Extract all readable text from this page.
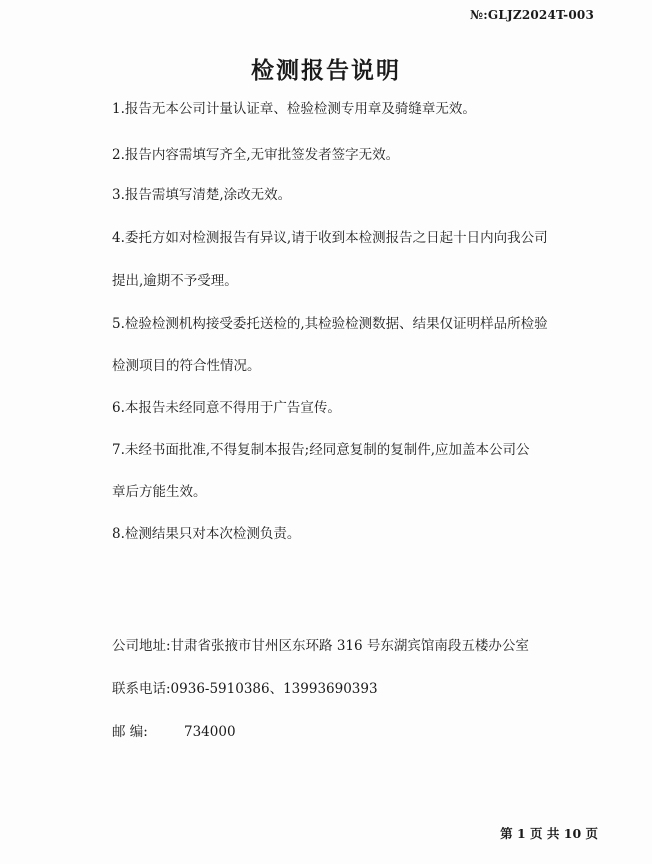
№:GLJZ2024T-003
检测报告说明
1.报告无本公司计量认证章、检验检测专用章及骑缝章无效。
2.报告内容需填写齐全,无审批签发者签字无效。
3.报告需填写清楚,涂改无效。
4.委托方如对检测报告有异议,请于收到本检测报告之日起十日内向我公司
提出,逾期不予受理。
5.检验检测机构接受委托送检的,其检验检测数据、结果仅证明样品所检验
检测项目的符合性情况。
6.本报告未经同意不得用于广告宣传。
7.未经书面批准,不得复制本报告;经同意复制的复制件,应加盖本公司公
章后方能生效。
8.检测结果只对本次检测负责。
公司地址:甘肃省张掖市甘州区东环路 316 号东湖宾馆南段五楼办公室
联系电话:0936-5910386、13993690393
邮 编:	734000
第 1 页 共 10 页
